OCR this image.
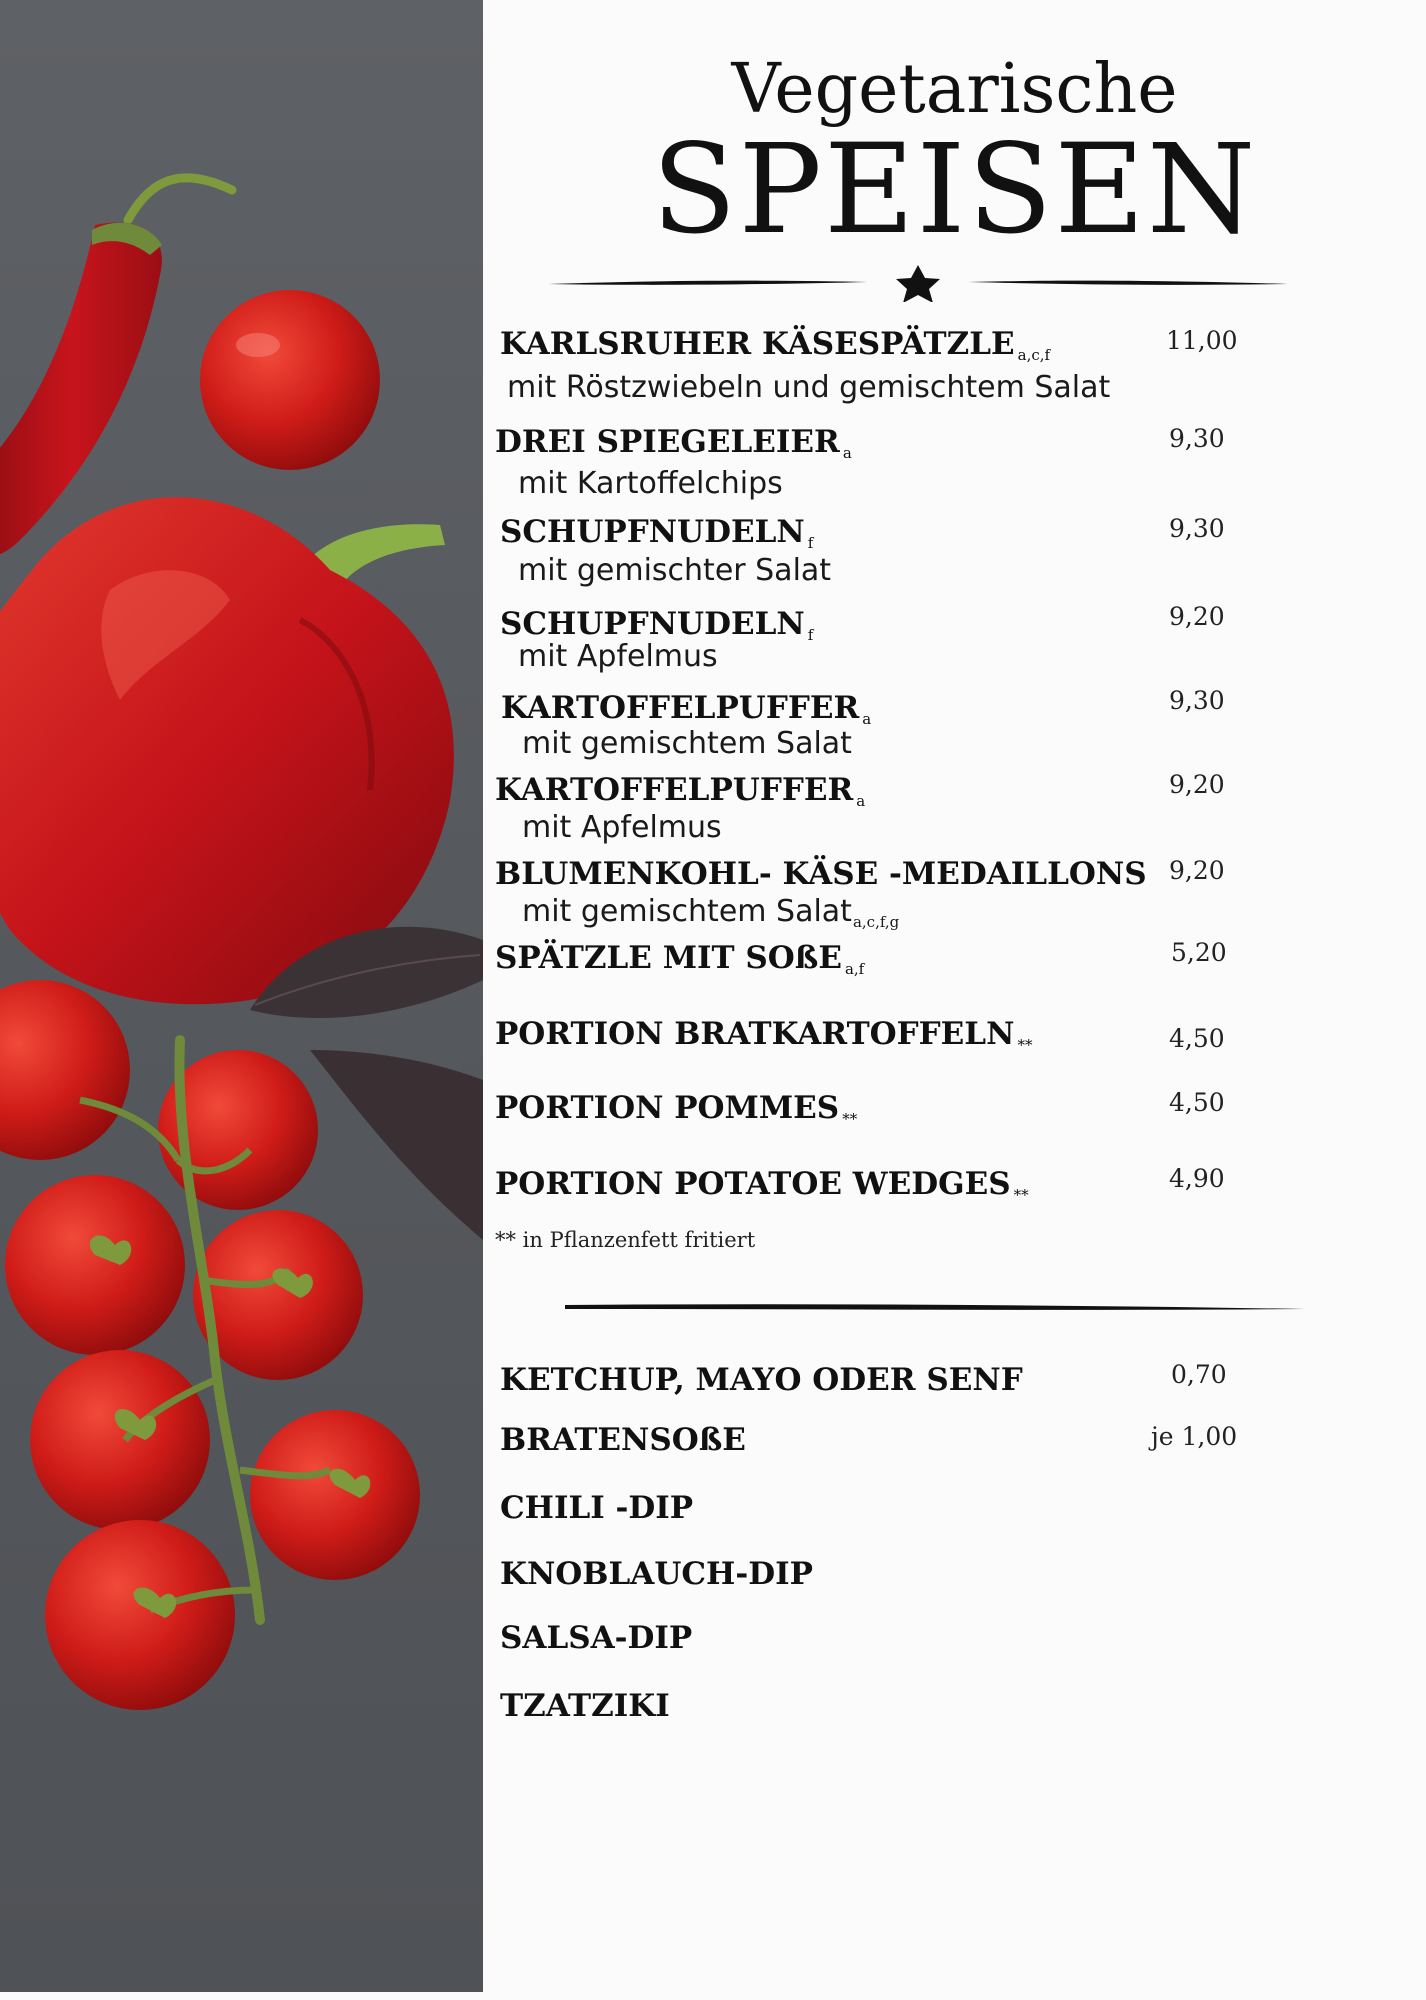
Vegetarische
SPEISEN
KARLSRUHER KÄSESPÄTZLE $_{a,c,f}$
mit Röstzwiebeln und gemischtem Salat
11,00
DREI SPIEGELEIER $_a$
mit Kartoffelchips
9,30
SCHUPFNUDELN $_f$
mit gemischter Salat
9,30
SCHUPFNUDELN $_f$
mit Apfelmus
9,20
KARTOFFELPUFFER $_a$
mit gemischtem Salat
9,30
KARTOFFELPUFFER $_a$
mit Apfelmus
9,20
BLUMENKOHL- KÄSE -MEDAILLONS
mit gemischtem Salat$_{a,c,f,g}$
9,20
SPÄTZLE MIT SOßE $_{a,f}$
5,20
PORTION BRATKARTOFFELN $_{**}$	4,50
PORTION POMMES $_{**}$
4,50
PORTION POTATOE WEDGES $_{**}$
4,90
** in Pflanzenfett fritiert
KETCHUP, MAYO ODER SENF	0,70
BRATENSOßE	je 1,00
CHILI -DIP
KNOBLAUCH-DIP
SALSA-DIP
TZATZIKI
